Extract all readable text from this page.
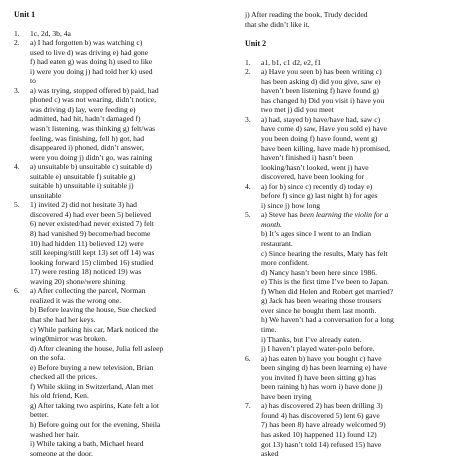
Unit 1
1.	1c, 2d, 3b, 4a
2.	a) I had forgotten b) was watching c)
used to live d) was driving e) had gone
f) had eaten g) was doing h) used to like
i) were you doing j) had told her k) used
to
3.	a) was trying, stopped offered b) paid, had
phoned c) was not wearing, didn’t notice,
was driving d) lay, were feeding e)
admitted, had hit, hadn’t damaged f)
wasn’t listening, was thinking g) felt/was
feeling, was finishing, fell h) got, had
disappeared i) phoned, didn’t answer,
were you doing j) didn’t go, was raining
4.	a) unsuitable b) unsuitable c) suitable d)
suitable e) unsuitable f) suitable g)
suitable h) unsuitable i) suitable j)
unsuitable
5.	1) invited 2) did not hesitate 3) had
discovered 4) had ever been 5) believed
6) never existed/had never existed 7) felt
8) had vanished 9) become/had become
10) had hidden 11) believed 12) were
still keeping/still kept 13) set off 14) was
looking forward 15) climbed 16) studied
17) were resting 18) noticed 19) was
waving 20) shone/were shining
6.	a) After collecting the parcel, Norman
realized it was the wrong one.
b) Before leaving the house, Sue checked
that she had her keys.
c) While parking his car, Mark noticed the
wing0mirror was broken.
d) After cleaning the house, Julia fell asleep
on the sofa.
e) Before buying a new television, Brian
checked all the prices.
f) While skiing in Switzerland, Alan met
his old friend, Ken.
g) After taking two aspirins, Kate felt a lot
better.
h) Before going out for the evening, Sheila
washed her hair.
i) While taking a bath, Michael heard
someone at the door.
j) After reading the book, Trudy decided
that she didn’t like it.
Unit 2
1.	a1, b1, c1 d2, e2, f1
2.	a) Have you seen b) has been writing c)
has been asking d) did you give, saw e)
haven’t been listening f) have found g)
has changed h) Did you visit i) have you
two met j) did you meet
3.	a) had, stayed b) have/have had, saw c)
have come d) saw, Have you sold e) have
you been doing f) have found, went g)
have been killing, have made h) promised,
haven’t finished i) hasn’t been
looking/hasn’t looked, went j) have
discovered, have been looking for
4.	a) for b) since c) recently d) today e)
before f) since g) last night h) for ages
i) since j) how long
5.	a) Steve has been learning the violin for a
month.
b) It’s ages since I went to an Indian
restaurant.
c) Since hearing the results, Mary has felt
more confident.
d) Nancy hasn’t been here since 1986.
e) This is the first time I’ve been to Japan.
f) When did Helen and Robert get married?
g) Jack has been wearing those trousers
ever since he bought them last month.
h) We haven’t had a conversation for a long
time.
i) Thanks, but I’ve already eaten.
j) I haven’t played water-polo before.
6.	a) has eaten b) have you bought c) have
been singing d) has been learning e) have
you invited f) have been sitting g) has
been raining h) has worn i) have done j)
have been trying
7.	a) has discovered 2) has been drilling 3)
found 4) has discovered 5) lent 6) gave
7) has been 8) have already welcomed 9)
has asked 10) happened 11) found 12)
got 13) hasn’t told 14) refused 15) have
asked
